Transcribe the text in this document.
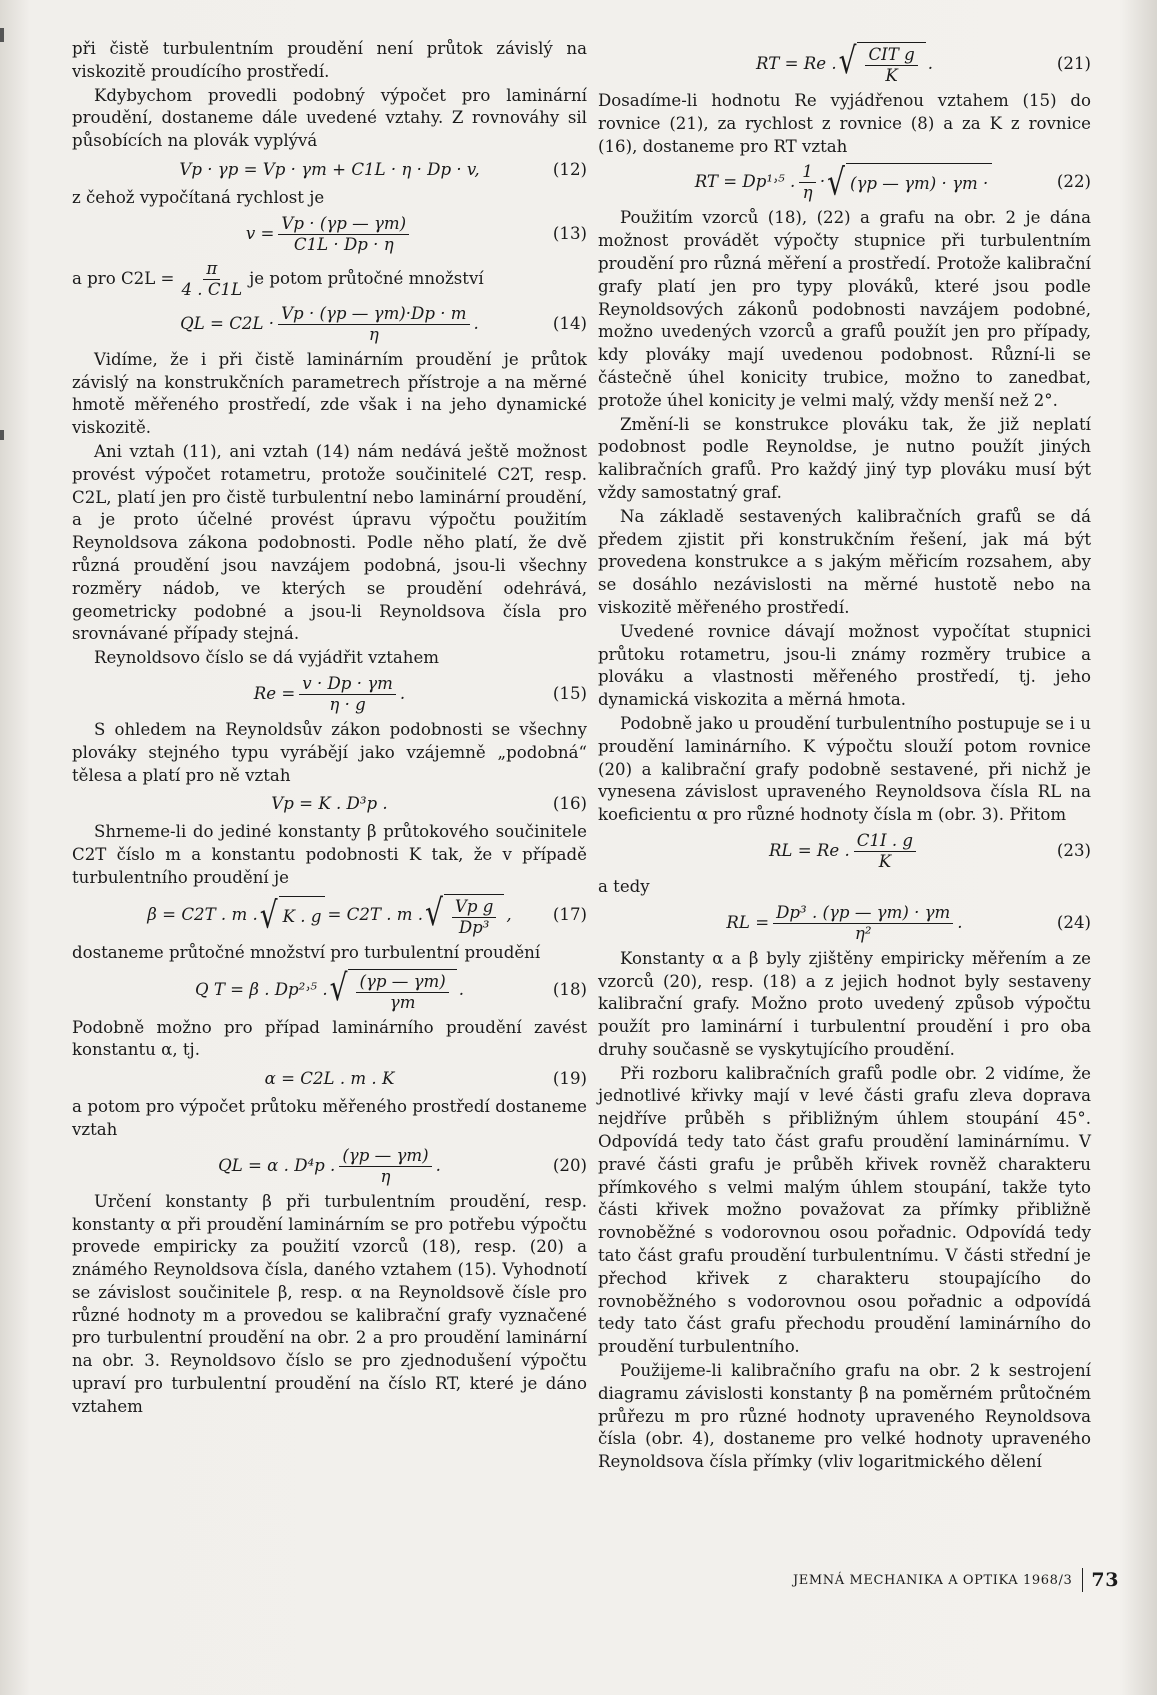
při čistě turbulentním proudění není průtok závislý na viskozitě proudícího prostředí.

Kdybychom provedli podobný výpočet pro laminární proudění, dostaneme dále uvedené vztahy. Z rovnováhy sil působících na plovák vyplývá

Vp · γp = Vp · γm + C1L · η · Dp · v,	(12)

z čehož vypočítaná rychlost je

$v = \frac{Vp \cdot (\gamma p — \gamma m)}{C1L \cdot Dp \cdot \eta}$	(13)
a pro $C2L = \frac{\pi}{4 . C1L}$ je potom průtočné množství
QL = $C2L \cdot \frac{Vp \cdot (\gamma p — \gamma m)\cdot Dp \cdot m}{\eta}$ .	(14)

Vidíme, že i při čistě laminárním proudění je průtok závislý na konstrukčních parametrech přístroje a na měrné hmotě měřeného prostředí, zde však i na jeho dynamické viskozitě.

Ani vztah (11), ani vztah (14) nám nedává ještě možnost provést výpočet rotametru, protože součinitelé C2T, resp. C2L, platí jen pro čistě turbulentní nebo laminární proudění, a je proto účelné provést úpravu výpočtu použitím Reynoldsova zákona podobnosti. Podle něho platí, že dvě různá proudění jsou navzájem podobná, jsou-li všechny rozměry nádob, ve kterých se proudění odehrává, geometricky podobné a jsou-li Reynoldsova čísla pro srovnávané případy stejná.

Reynoldsovo číslo se dá vyjádřit vztahem

$Re = \frac{v \cdot Dp \cdot \gamma m}{\eta \cdot g}$ .	(15)

S ohledem na Reynoldsův zákon podobnosti se všechny plováky stejného typu vyrábějí jako vzájemně „podobná“ tělesa a platí pro ně vztah

Vp = K . D³p .	(16)

Shrneme-li do jediné konstanty β průtokového součinitele C2T číslo m a konstantu podobnosti K tak, že v případě turbulentního proudění je

β = C2T . m . √ K . g = C2T . m . √ $\frac{\text{Vp g}}{\text{Dp³}}$ , (17)

dostaneme průtočné množství pro turbulentní proudění

Q T = β . Dp²˒⁵ . √ $\frac{(\gamma p — \gamma m)}{\gamma m}$ .	(18)

Podobně možno pro případ laminárního proudění zavést konstantu α, tj.

α = C2L . m . K	(19)

a potom pro výpočet průtoku měřeného prostředí dostaneme vztah

QL = α . D⁴p . $\frac{(\gamma p — \gamma m)}{\eta}$ .	(20)

Určení konstanty β při turbulentním proudění, resp. konstanty α při proudění laminárním se pro potřebu výpočtu provede empiricky za použití vzorců (18), resp. (20) a známého Reynoldsova čísla, daného vztahem (15). Vyhodnotí se závislost součinitele β, resp. α na Reynoldsově čísle pro různé hodnoty m a provedou se kalibrační grafy vyznačené pro turbulentní proudění na obr. 2 a pro proudění laminární na obr. 3. Reynoldsovo číslo se pro zjednodušení výpočtu upraví pro turbulentní proudění na číslo RT, které je dáno vztahem

RT = Re . √ $\frac{\text{CIT g}}{K}$ .	(21)

Dosadíme-li hodnotu Re vyjádřenou vztahem (15) do rovnice (21), za rychlost z rovnice (8) a za K z rovnice (16), dostaneme pro RT vztah

RT = Dp¹˒⁵ . $\frac{1}{\eta}$ · √ (γp — γm) · γm ·	(22)

Použitím vzorců (18), (22) a grafu na obr. 2 je dána možnost provádět výpočty stupnice při turbulentním proudění pro různá měření a prostředí. Protože kalibrační grafy platí jen pro typy plováků, které jsou podle Reynoldsových zákonů podobnosti navzájem podobné, možno uvedených vzorců a grafů použít jen pro případy, kdy plováky mají uvedenou podobnost. Různí-li se částečně úhel konicity trubice, možno to zanedbat, protože úhel konicity je velmi malý, vždy menší než 2°.

Změní-li se konstrukce plováku tak, že již neplatí podobnost podle Reynoldse, je nutno použít jiných kalibračních grafů. Pro každý jiný typ plováku musí být vždy samostatný graf.

Na základě sestavených kalibračních grafů se dá předem zjistit při konstrukčním řešení, jak má být provedena konstrukce a s jakým měřicím rozsahem, aby se dosáhlo nezávislosti na měrné hustotě nebo na viskozitě měřeného prostředí.

Uvedené rovnice dávají možnost vypočítat stupnici průtoku rotametru, jsou-li známy rozměry trubice a plováku a vlastnosti měřeného prostředí, tj. jeho dynamická viskozita a měrná hmota.

Podobně jako u proudění turbulentního postupuje se i u proudění laminárního. K výpočtu slouží potom rovnice (20) a kalibrační grafy podobně sestavené, při nichž je vynesena závislost upraveného Reynoldsova čísla RL na koeficientu α pro různé hodnoty čísla m (obr. 3). Přitom

RL = Re . $\frac{C1I . g}{K}$	(23)

a tedy

RL = $\frac{\text{Dp³ . (γp — γm) · γm}}{\text{η²}}$ .	(24)

Konstanty α a β byly zjištěny empiricky měřením a ze vzorců (20), resp. (18) a z jejich hodnot byly sestaveny kalibrační grafy. Možno proto uvedený způsob výpočtu použít pro laminární i turbulentní proudění i pro oba druhy současně se vyskytujícího proudění.

Při rozboru kalibračních grafů podle obr. 2 vidíme, že jednotlivé křivky mají v levé části grafu zleva doprava nejdříve průběh s přibližným úhlem stoupání 45°. Odpovídá tedy tato část grafu proudění laminárnímu. V pravé části grafu je průběh křivek rovněž charakteru přímkového s velmi malým úhlem stoupání, takže tyto části křivek možno považovat za přímky přibližně rovnoběžné s vodorovnou osou pořadnic. Odpovídá tedy tato část grafu proudění turbulentnímu. V části střední je přechod křivek z charakteru stoupajícího do rovnoběžného s vodorovnou osou pořadnic a odpovídá tedy tato část grafu přechodu proudění laminárního do proudění turbulentního.

Použijeme-li kalibračního grafu na obr. 2 k sestrojení diagramu závislosti konstanty β na poměrném průtočném průřezu m pro různé hodnoty upraveného Reynoldsova čísla (obr. 4), dostaneme pro velké hodnoty upraveného Reynoldsova čísla přímky (vliv logaritmického dělení

JEMNÁ MECHANIKA A OPTIKA 1968/3 73
